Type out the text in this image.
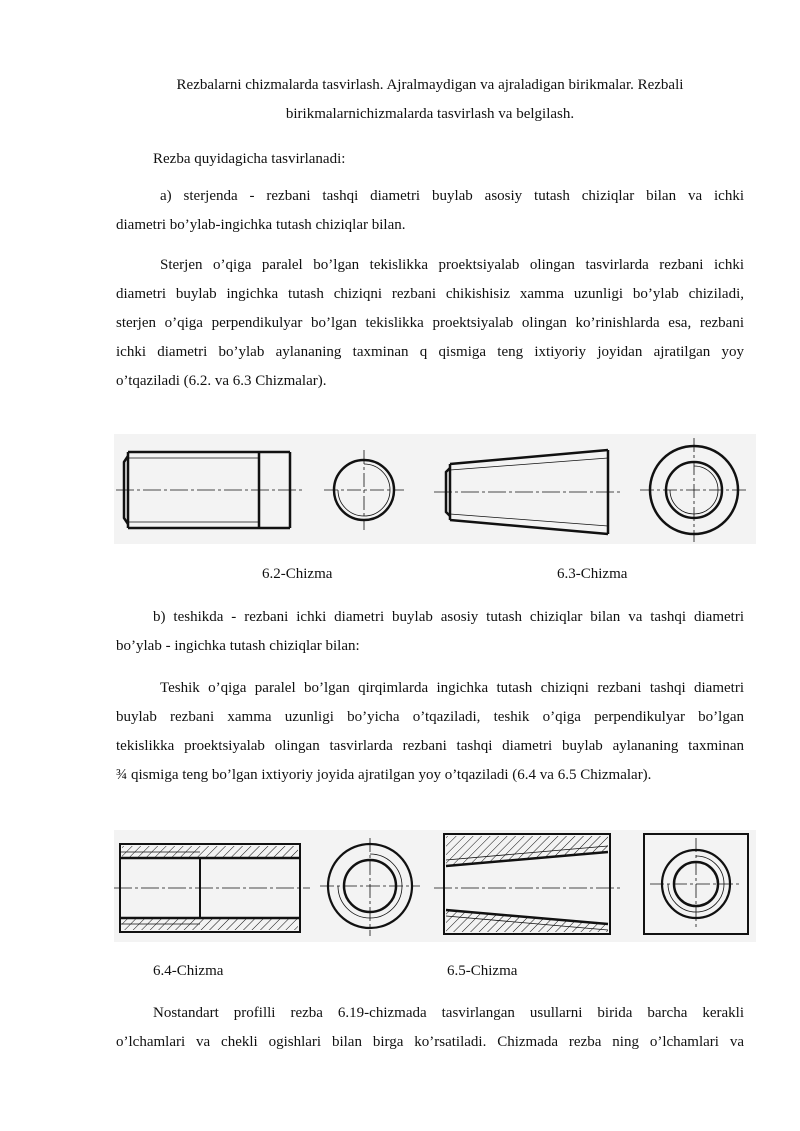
Rezbalarni chizmalarda tasvirlash. Ajralmaydigan va ajraladigan birikmalar. Rezbali
birikmalarnichizmalarda tasvirlash va belgilash.
Rezba quyidagicha tasvirlanadi:
a) sterjenda - rezbani tashqi diametri buylab asosiy tutash chiziqlar bilan va ichki
diametri bo’ylab-ingichka tutash chiziqlar bilan.
Sterjen o’qiga paralel bo’lgan tekislikka proektsiyalab olingan tasvirlarda rezbani ichki
diametri buylab ingichka tutash chiziqni rezbani chikishisiz xamma uzunligi bo’ylab chiziladi,
sterjen o’qiga perpendikulyar bo’lgan tekislikka proektsiyalab olingan ko’rinishlarda esa, rezbani
ichki diametri bo’ylab aylananing taxminan q qismiga teng ixtiyoriy joyidan ajratilgan yoy
o’tqaziladi (6.2. va 6.3 Chizmalar).
6.2-Chizma	6.3-Chizma
b) teshikda - rezbani ichki diametri buylab asosiy tutash chiziqlar bilan va tashqi diametri
bo’ylab - ingichka tutash chiziqlar bilan:
Teshik o’qiga paralel bo’lgan qirqimlarda ingichka tutash chiziqni rezbani tashqi diametri
buylab rezbani xamma uzunligi bo’yicha o’tqaziladi, teshik o’qiga perpendikulyar bo’lgan
tekislikka proektsiyalab olingan tasvirlarda rezbani tashqi diametri buylab aylananing taxminan
¾ qismiga teng bo’lgan ixtiyoriy joyida ajratilgan yoy o’tqaziladi (6.4 va 6.5 Chizmalar).
6.4-Chizma	6.5-Chizma
Nostandart profilli rezba 6.19-chizmada tasvirlangan usullarni birida barcha kerakli
o’lchamlari va chekli ogishlari bilan birga ko’rsatiladi. Chizmada rezba ning o’lchamlari va
